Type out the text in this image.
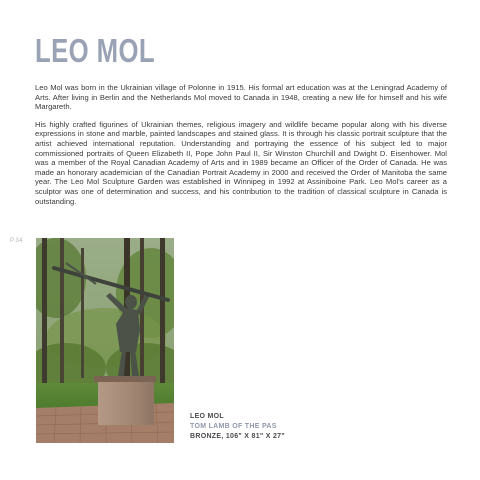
LEO MOL

Leo Mol was born in the Ukrainian village of Polonne in 1915. His formal art education was at the Leningrad Academy of Arts. After living in Berlin and the Netherlands Mol moved to Canada in 1948, creating a new life for himself and his wife Margareth.

His highly crafted figurines of Ukrainian themes, religious imagery and wildlife became popular along with his diverse expressions in stone and marble, painted landscapes and stained glass. It is through his classic portrait sculpture that the artist achieved international reputation. Understanding and portraying the essence of his subject led to major commissioned portraits of Queen Elizabeth II, Pope John Paul II, Sir Winston Churchill and Dwight D. Eisenhower. Mol was a member of the Royal Canadian Academy of Arts and in 1989 became an Officer of the Order of Canada. He was made an honorary academician of the Canadian Portrait Academy in 2000 and received the Order of Manitoba the same year. The Leo Mol Sculpture Garden was established in Winnipeg in 1992 at Assiniboine Park. Leo Mol’s career as a sculptor was one of determination and success, and his contribution to the tradition of classical sculpture in Canada is outstanding.

P.34
LEO MOL
TOM LAMB OF THE PAS
BRONZE, 106" X 81" X 27"
